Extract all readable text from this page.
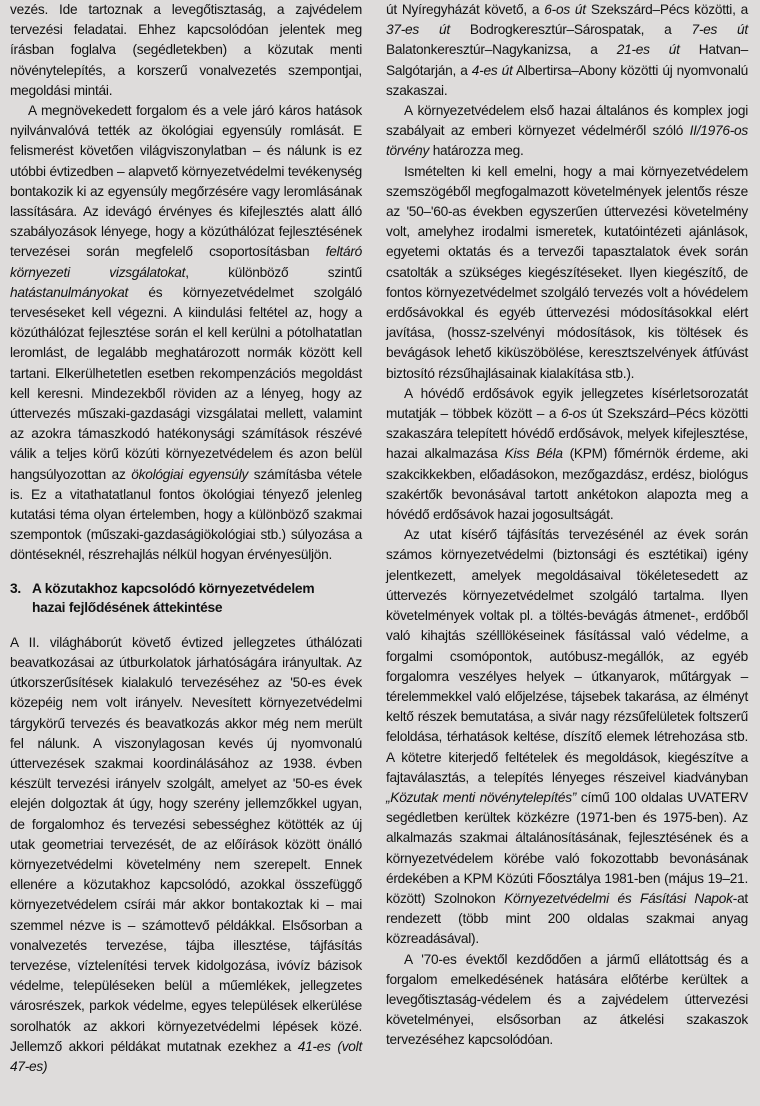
vezés. Ide tartoznak a levegőtisztaság, a zajvédelem tervezési feladatai. Ehhez kapcsolódóan jelentek meg írásban foglalva (segédletekben) a közutak menti növénytelepítés, a korszerű vonalvezetés szempontjai, megoldási mintái.

A megnövekedett forgalom és a vele járó káros hatások nyilvánvalóvá tették az ökológiai egyensúly romlását. E felismerést követően világviszonylatban – és nálunk is ez utóbbi évtizedben – alapvető környezetvédelmi tevékenység bontakozik ki az egyensúly megőrzésére vagy leromlásának lassítására. Az idevágó érvényes és kifejlesztés alatt álló szabályozások lényege, hogy a közúthálózat fejlesztésének tervezései során megfelelő csoportosításban feltáró környezeti vizsgálatokat, különböző szintű hatástanulmányokat és környezetvédelmet szolgáló terveséseket kell végezni. A kiindulási feltétel az, hogy a közúthálózat fejlesztése során el kell kerülni a pótolhatatlan leromlást, de legalább meghatározott normák között kell tartani. Elkerülhetetlen esetben rekompenzációs megoldást kell keresni. Mindezekből röviden az a lényeg, hogy az úttervezés műszaki-gazdasági vizsgálatai mellett, valamint az azokra támaszkodó hatékonysági számítások részévé válik a teljes körű közúti környezetvédelem és azon belül hangsúlyozottan az ökológiai egyensúly számításba vétele is. Ez a vitathatatlanul fontos ökológiai tényező jelenleg kutatási téma olyan értelemben, hogy a különböző szakmai szempontok (műszaki-gazdaságiökológiai stb.) súlyozása a döntéseknél, részrehajlás nélkül hogyan érvényesüljön.

3. A közutakhoz kapcsolódó környezetvédelem
hazai fejlődésének áttekintése

A II. világháborút követő évtized jellegzetes úthálózati beavatkozásai az útburkolatok járhatóságára irányultak. Az útkorszerűsítések kialakuló tervezéséhez az '50-es évek közepéig nem volt irányelv. Nevesített környezetvédelmi tárgykörű tervezés és beavatkozás akkor még nem merült fel nálunk. A viszonylagosan kevés új nyomvonalú úttervezések szakmai koordinálásához az 1938. évben készült tervezési irányelv szolgált, amelyet az '50-es évek elején dolgoztak át úgy, hogy szerény jellemzőkkel ugyan, de forgalomhoz és tervezési sebességhez kötötték az új utak geometriai tervezését, de az előírások között önálló környezetvédelmi követelmény nem szerepelt. Ennek ellenére a közutakhoz kapcsolódó, azokkal összefüggő környezetvédelem csírái már akkor bontakoztak ki – mai szemmel nézve is – számottevő példákkal. Elsősorban a vonalvezetés tervezése, tájba illesztése, tájfásítás tervezése, víztelenítési tervek kidolgozása, ivóvíz bázisok védelme, településeken belül a műemlékek, jellegzetes városrészek, parkok védelme, egyes települések elkerülése sorolhatók az akkori környezetvédelmi lépések közé. Jellemző akkori példákat mutatnak ezekhez a 41-es (volt 47-es)

út Nyíregyházát követő, a 6-os út Szekszárd–Pécs közötti, a 37-es út Bodrogkeresztúr–Sárospatak, a 7-es út Balatonkeresztúr–Nagykanizsa, a 21-es út Hatvan–Salgótarján, a 4-es út Albertirsa–Abony közötti új nyomvonalú szakaszai.

A környezetvédelem első hazai általános és komplex jogi szabályait az emberi környezet védelméről szóló II/1976-os törvény határozza meg.

Ismételten ki kell emelni, hogy a mai környezetvédelem szemszögéből megfogalmazott követelmények jelentős része az '50–'60-as években egyszerűen úttervezési követelmény volt, amelyhez irodalmi ismeretek, kutatóintézeti ajánlások, egyetemi oktatás és a tervezői tapasztalatok évek során csatolták a szükséges kiegészítéseket. Ilyen kiegészítő, de fontos környezetvédelmet szolgáló tervezés volt a hóvédelem erdősávokkal és egyéb úttervezési módosításokkal elért javítása, (hossz-szelvényi módosítások, kis töltések és bevágások lehető kiküszöbölése, keresztszelvények átfúvást biztosító rézsűhajlásainak kialakítása stb.).

A hóvédő erdősávok egyik jellegzetes kísérletsorozatát mutatják – többek között – a 6-os út Szekszárd–Pécs közötti szakaszára telepített hóvédő erdősávok, melyek kifejlesztése, hazai alkalmazása Kiss Béla (KPM) főmérnök érdeme, aki szakcikkekben, előadásokon, mezőgazdász, erdész, biológus szakértők bevonásával tartott ankétokon alapozta meg a hóvédő erdősávok hazai jogosultságát.

Az utat kísérő tájfásítás tervezésénél az évek során számos környezetvédelmi (biztonsági és esztétikai) igény jelentkezett, amelyek megoldásaival tökéletesedett az úttervezés környezetvédelmet szolgáló tartalma. Ilyen követelmények voltak pl. a töltés-bevágás átmenet-, erdőből való kihajtás szélllökéseinek fásítással való védelme, a forgalmi csomópontok, autóbusz-megállók, az egyéb forgalomra veszélyes helyek – útkanyarok, műtárgyak – térelemmekkel való előjelzése, tájsebek takarása, az élményt keltő részek bemutatása, a sivár nagy rézsűfelületek foltszerű feloldása, térhatások keltése, díszítő elemek létrehozása stb. A kötetre kiterjedő feltételek és megoldások, kiegészítve a fajtaválasztás, a telepítés lényeges részeivel kiadványban „Közutak menti növénytelepítés” című 100 oldalas UVATERV segédletben kerültek közkézre (1971-ben és 1975-ben). Az alkalmazás szakmai általánosításának, fejlesztésének és a környezetvédelem körébe való fokozottabb bevonásának érdekében a KPM Közúti Főosztálya 1981-ben (május 19–21. között) Szolnokon Környezetvédelmi és Fásítási Napok-at rendezett (több mint 200 oldalas szakmai anyag közreadásával).

A '70-es évektől kezdődően a jármű ellátottság és a forgalom emelkedésének hatására előtérbe kerültek a levegőtisztaság-védelem és a zajvédelem úttervezési követelményei, elsősorban az átkelési szakaszok tervezéséhez kapcsolódóan.
